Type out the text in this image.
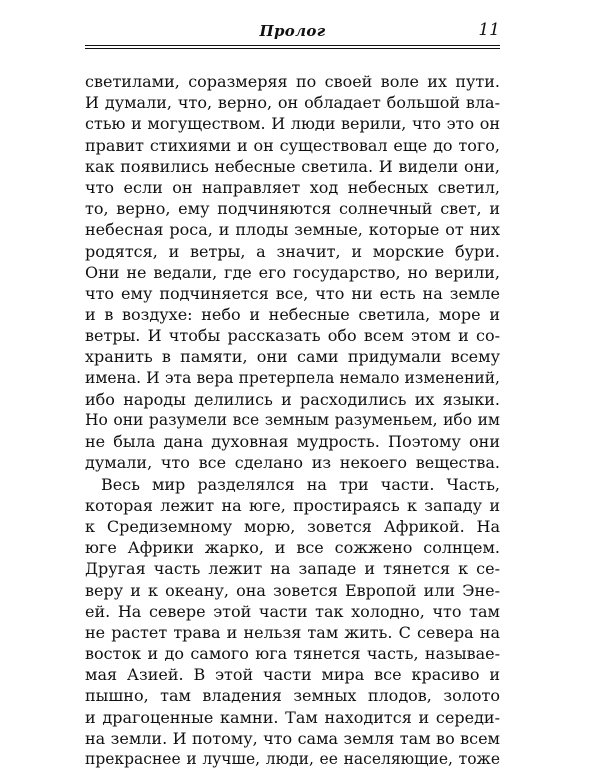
Пролог	11
светилами, соразмеряя по своей воле их пути.
И думали, что, верно, он обладает большой вла-
стью и могуществом. И люди верили, что это он
правит стихиями и он существовал еще до того,
как появились небесные светила. И видели они,
что если он направляет ход небесных светил,
то, верно, ему подчиняются солнечный свет, и
небесная роса, и плоды земные, которые от них
родятся, и ветры, а значит, и морские бури.
Они не ведали, где его государство, но верили,
что ему подчиняется все, что ни есть на земле
и в воздухе: небо и небесные светила, море и
ветры. И чтобы рассказать обо всем этом и со-
хранить в памяти, они сами придумали всему
имена. И эта вера претерпела немало изменений,
ибо народы делились и расходились их языки.
Но они разумели все земным разуменьем, ибо им
не была дана духовная мудрость. Поэтому они
думали, что все сделано из некоего вещества.
Весь мир разделялся на три части. Часть,
которая лежит на юге, простираясь к западу и
к Средиземному морю, зовется Африкой. На
юге Африки жарко, и все сожжено солнцем.
Другая часть лежит на западе и тянется к се-
веру и к океану, она зовется Европой или Эне-
ей. На севере этой части так холодно, что там
не растет трава и нельзя там жить. С севера на
восток и до самого юга тянется часть, называе-
мая Азией. В этой части мира все красиво и
пышно, там владения земных плодов, золото
и драгоценные камни. Там находится и середи-
на земли. И потому, что сама земля там во всем
прекраснее и лучше, люди, ее населяющие, тоже
